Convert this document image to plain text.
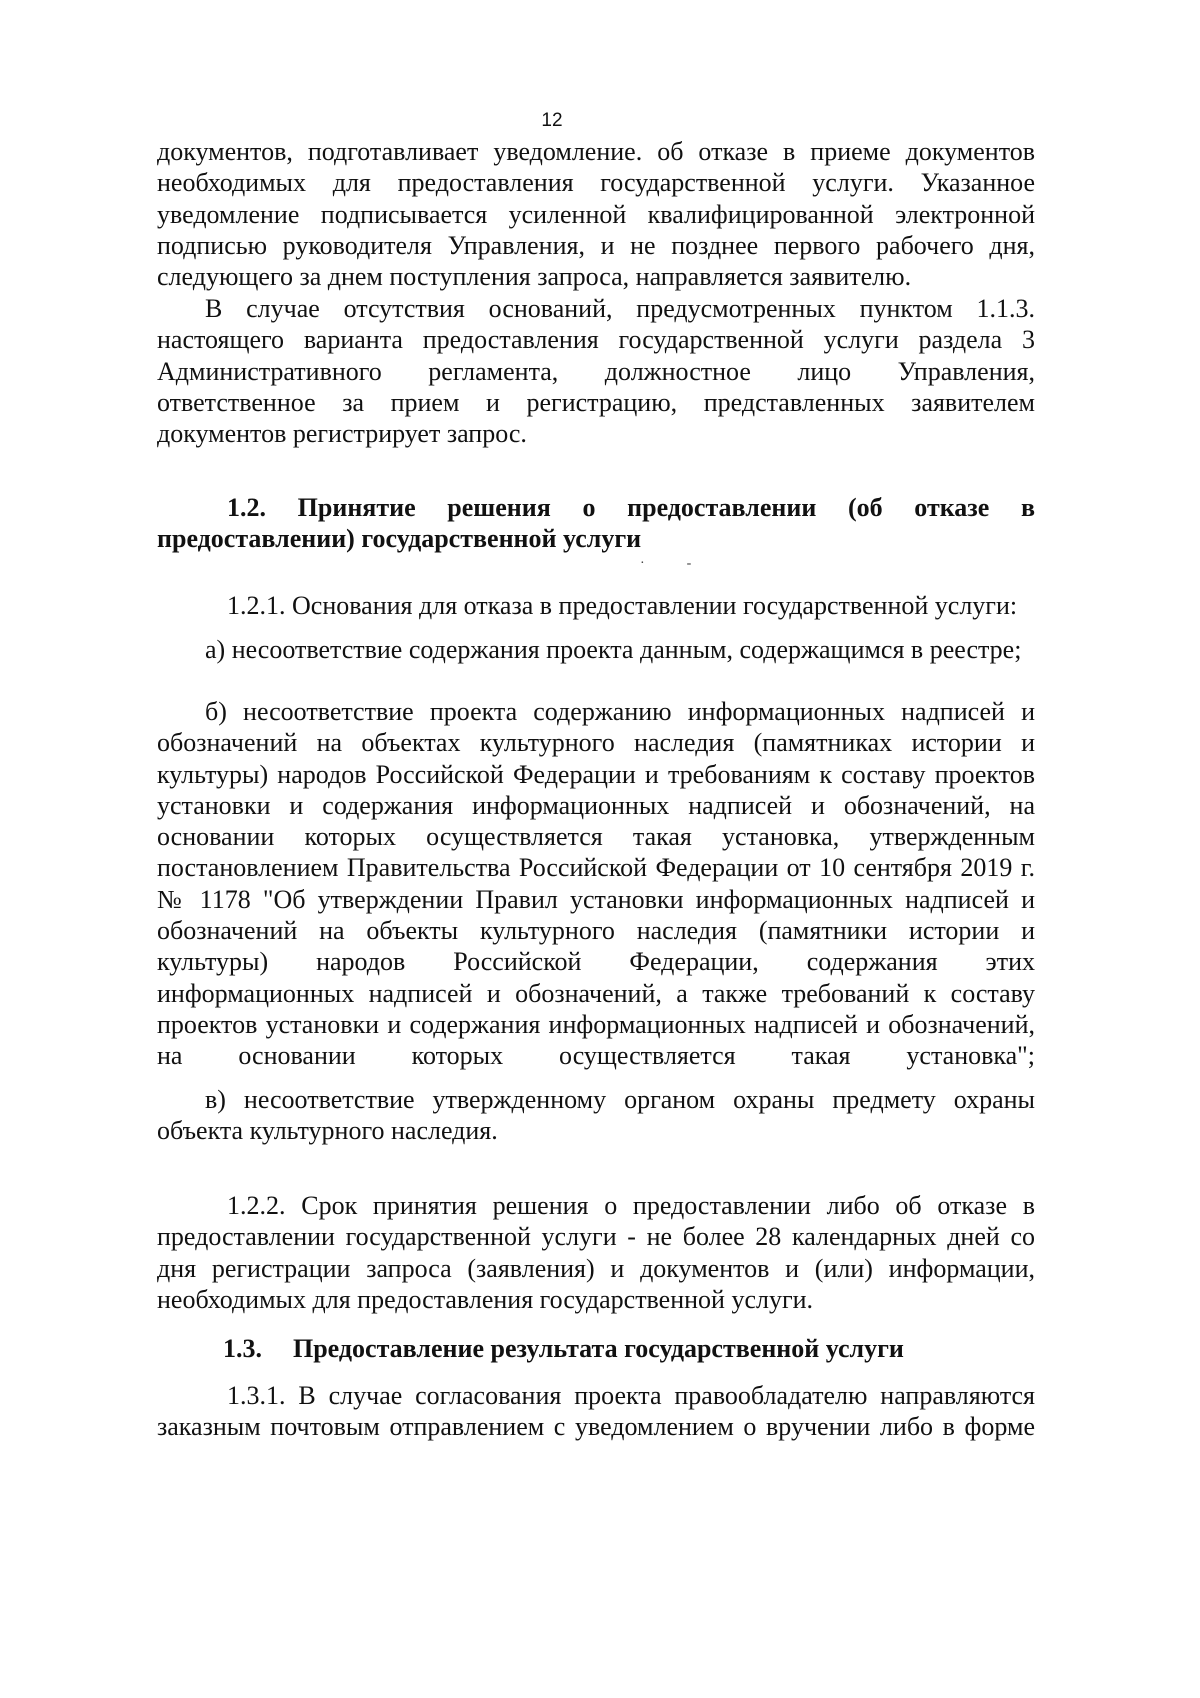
12
документов, подготавливает уведомление. об отказе в приеме документов
необходимых для предоставления государственной услуги. Указанное
уведомление подписывается усиленной квалифицированной электронной
подписью руководителя Управления, и не позднее первого рабочего дня,
следующего за днем поступления запроса, направляется заявителю.
В случае отсутствия оснований, предусмотренных пунктом 1.1.3.
настоящего варианта предоставления государственной услуги раздела 3
Административного регламента, должностное лицо Управления,
ответственное за прием и регистрацию, представленных заявителем
документов регистрирует запрос.
1.2. Принятие решения о предоставлении (об отказе в
предоставлении) государственной услуги
·            ‐
1.2.1. Основания для отказа в предоставлении государственной услуги:
а) несоответствие содержания проекта данным, содержащимся в реестре;
б) несоответствие проекта содержанию информационных надписей и
обозначений на объектах культурного наследия (памятниках истории и
культуры) народов Российской Федерации и требованиям к составу проектов
установки и содержания информационных надписей и обозначений, на
основании которых осуществляется такая установка, утвержденным
постановлением Правительства Российской Федерации от 10 сентября 2019 г.
№ 1178 "Об утверждении Правил установки информационных надписей и
обозначений на объекты культурного наследия (памятники истории и
культуры) народов Российской Федерации, содержания этих
информационных надписей и обозначений, а также требований к составу
проектов установки и содержания информационных надписей и обозначений,
на основании которых осуществляется такая установка";
в) несоответствие утвержденному органом охраны предмету охраны
объекта культурного наследия.
1.2.2. Срок принятия решения о предоставлении либо об отказе в
предоставлении государственной услуги - не более 28 календарных дней со
дня регистрации запроса (заявления) и документов и (или) информации,
необходимых для предоставления государственной услуги.
1.3. Предоставление результата государственной услуги
1.3.1. В случае согласования проекта правообладателю направляются
заказным почтовым отправлением с уведомлением о вручении либо в форме
